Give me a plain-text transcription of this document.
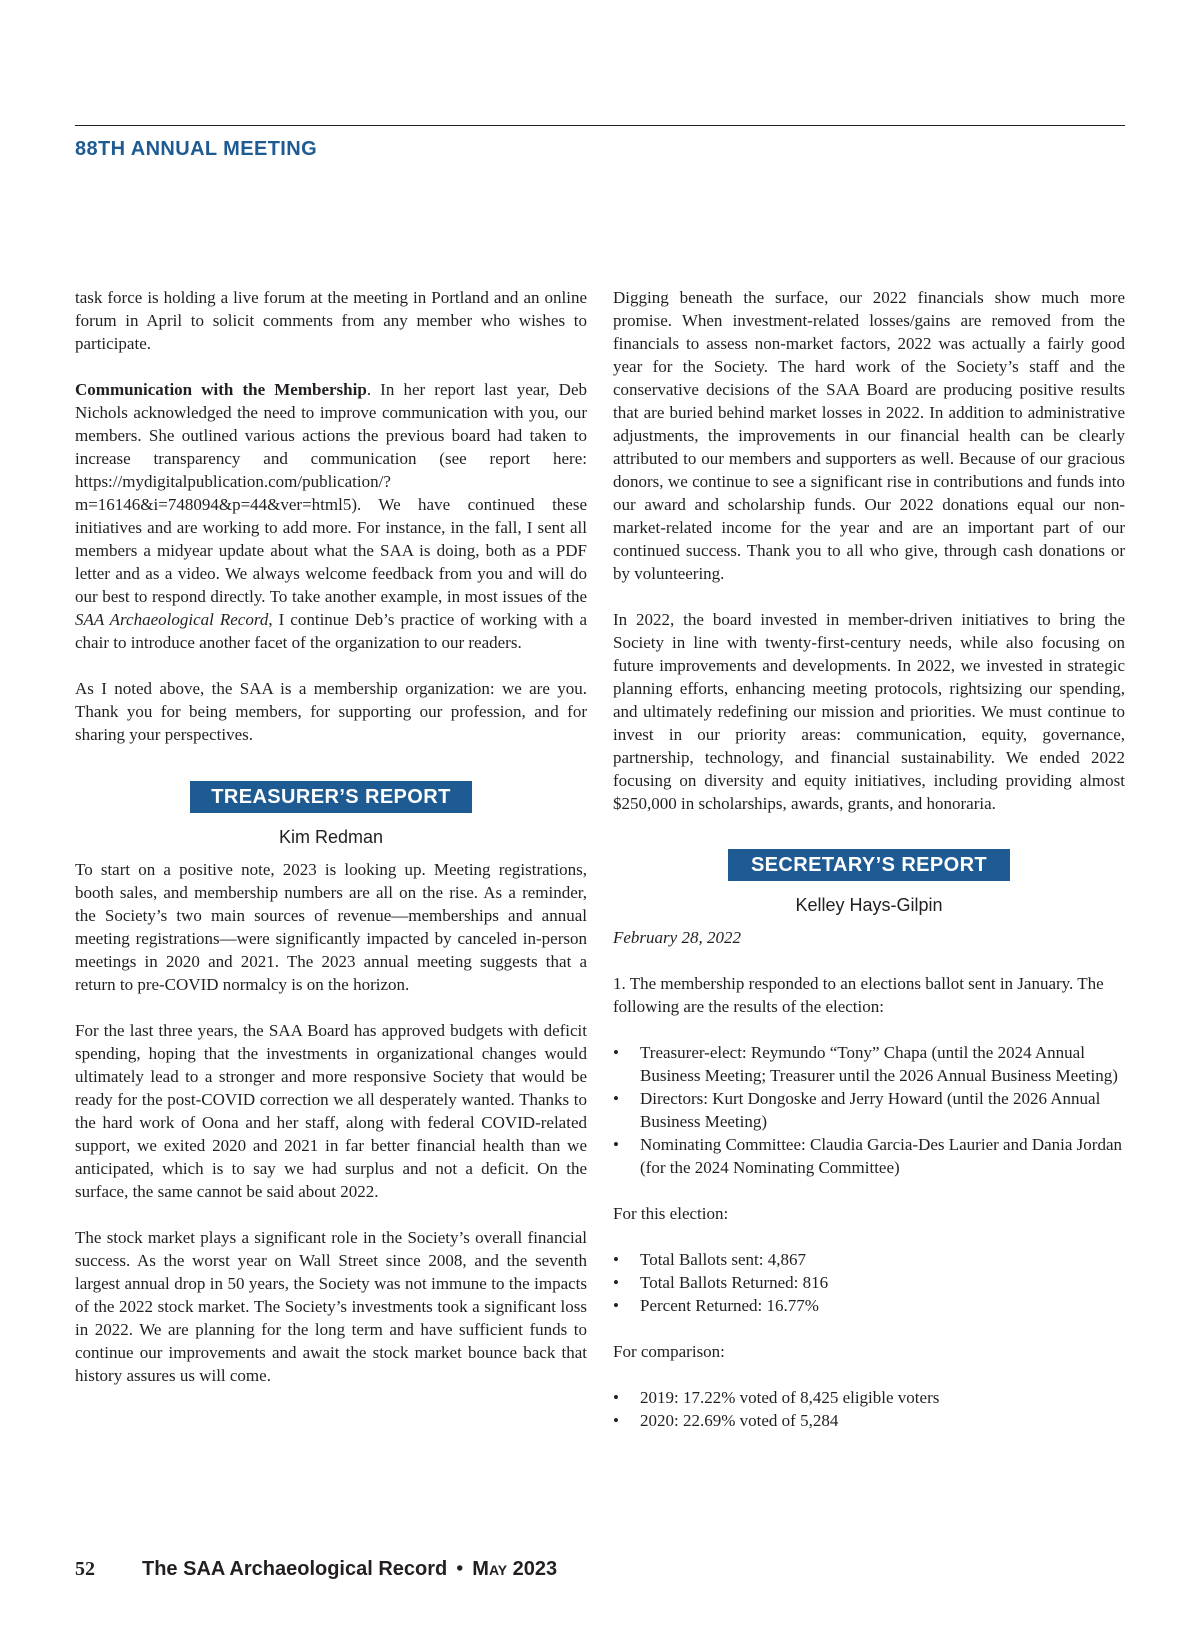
88TH ANNUAL MEETING

task force is holding a live forum at the meeting in Portland and an online forum in April to solicit comments from any member who wishes to participate.

Communication with the Membership. In her report last year, Deb Nichols acknowledged the need to improve communication with you, our members. She outlined various actions the previous board had taken to increase transparency and communication (see report here: https://mydigitalpublication.com/publication/?m=16146&i=748094&p=44&ver=html5). We have continued these initiatives and are working to add more. For instance, in the fall, I sent all members a midyear update about what the SAA is doing, both as a PDF letter and as a video. We always welcome feedback from you and will do our best to respond directly. To take another example, in most issues of the SAA Archaeological Record, I continue Deb’s practice of working with a chair to introduce another facet of the organization to our readers.

As I noted above, the SAA is a membership organization: we are you. Thank you for being members, for supporting our profession, and for sharing your perspectives.

TREASURER’S REPORT
Kim Redman

To start on a positive note, 2023 is looking up. Meeting registrations, booth sales, and membership numbers are all on the rise. As a reminder, the Society’s two main sources of revenue—memberships and annual meeting registrations—were significantly impacted by canceled in-person meetings in 2020 and 2021. The 2023 annual meeting suggests that a return to pre-COVID normalcy is on the horizon.

For the last three years, the SAA Board has approved budgets with deficit spending, hoping that the investments in organizational changes would ultimately lead to a stronger and more responsive Society that would be ready for the post-COVID correction we all desperately wanted. Thanks to the hard work of Oona and her staff, along with federal COVID-related support, we exited 2020 and 2021 in far better financial health than we anticipated, which is to say we had surplus and not a deficit. On the surface, the same cannot be said about 2022.

The stock market plays a significant role in the Society’s overall financial success. As the worst year on Wall Street since 2008, and the seventh largest annual drop in 50 years, the Society was not immune to the impacts of the 2022 stock market. The Society’s investments took a significant loss in 2022. We are planning for the long term and have sufficient funds to continue our improvements and await the stock market bounce back that history assures us will come.

Digging beneath the surface, our 2022 financials show much more promise. When investment-related losses/gains are removed from the financials to assess non-market factors, 2022 was actually a fairly good year for the Society. The hard work of the Society’s staff and the conservative decisions of the SAA Board are producing positive results that are buried behind market losses in 2022. In addition to administrative adjustments, the improvements in our financial health can be clearly attributed to our members and supporters as well. Because of our gracious donors, we continue to see a significant rise in contributions and funds into our award and scholarship funds. Our 2022 donations equal our non-market-related income for the year and are an important part of our continued success. Thank you to all who give, through cash donations or by volunteering.

In 2022, the board invested in member-driven initiatives to bring the Society in line with twenty-first-century needs, while also focusing on future improvements and developments. In 2022, we invested in strategic planning efforts, enhancing meeting protocols, rightsizing our spending, and ultimately redefining our mission and priorities. We must continue to invest in our priority areas: communication, equity, governance, partnership, technology, and financial sustainability. We ended 2022 focusing on diversity and equity initiatives, including providing almost $250,000 in scholarships, awards, grants, and honoraria.

SECRETARY’S REPORT
Kelley Hays-Gilpin

February 28, 2022

1. The membership responded to an elections ballot sent in January. The following are the results of the election:

• Treasurer-elect: Reymundo “Tony” Chapa (until the 2024 Annual Business Meeting; Treasurer until the 2026 Annual Business Meeting)
• Directors: Kurt Dongoske and Jerry Howard (until the 2026 Annual Business Meeting)
• Nominating Committee: Claudia Garcia-Des Laurier and Dania Jordan (for the 2024 Nominating Committee)

For this election:

• Total Ballots sent: 4,867
• Total Ballots Returned: 816
• Percent Returned: 16.77%

For comparison:

• 2019: 17.22% voted of 8,425 eligible voters
• 2020: 22.69% voted of 5,284
52	The SAA Archaeological Record • May 2023
